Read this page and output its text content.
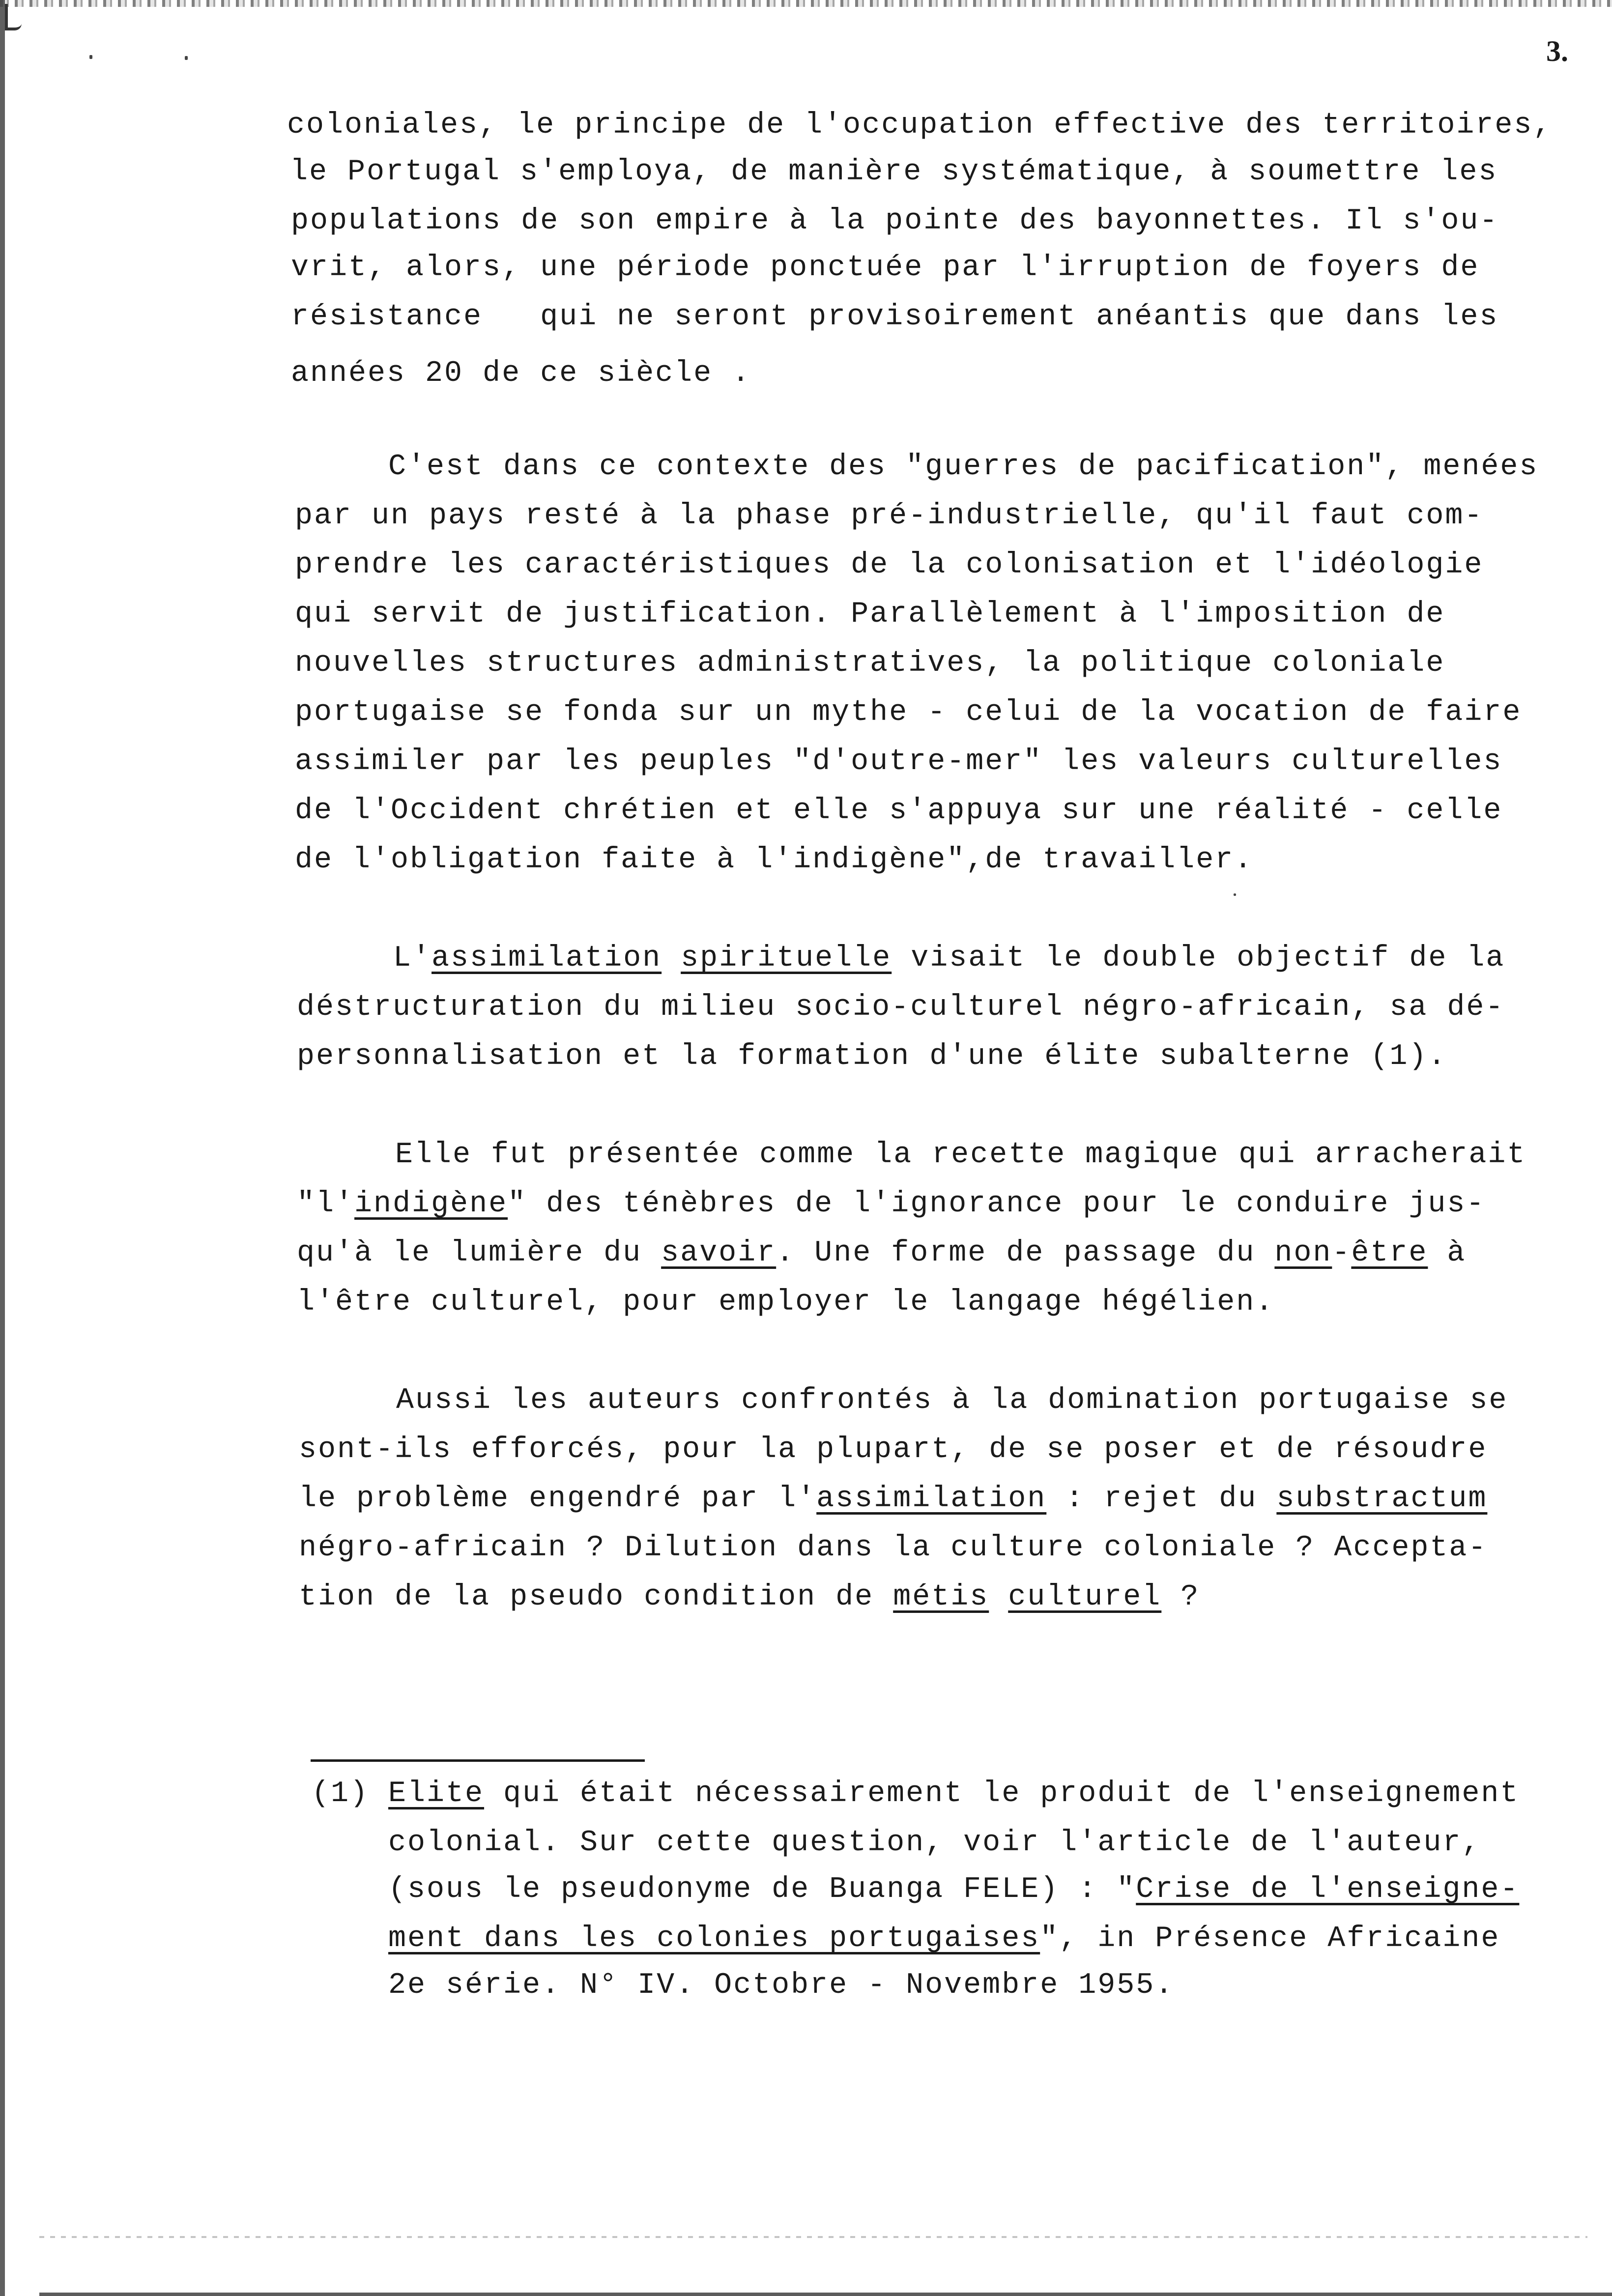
3.
coloniales, le principe de l'occupation effective des territoires,
le Portugal s'employa, de manière systématique, à soumettre les
populations de son empire à la pointe des bayonnettes. Il s'ou-
vrit, alors, une période ponctuée par l'irruption de foyers de
résistance   qui ne seront provisoirement anéantis que dans les
années 20 de ce siècle .
C'est dans ce contexte des "guerres de pacification", menées
par un pays resté à la phase pré-industrielle, qu'il faut com-
prendre les caractéristiques de la colonisation et l'idéologie
qui servit de justification. Parallèlement à l'imposition de
nouvelles structures administratives, la politique coloniale
portugaise se fonda sur un mythe - celui de la vocation de faire
assimiler par les peuples "d'outre-mer" les valeurs culturelles
de l'Occident chrétien et elle s'appuya sur une réalité - celle
de l'obligation faite à l'indigène",de travailler.
L'assimilation spirituelle visait le double objectif de la
déstructuration du milieu socio-culturel négro-africain, sa dé-
personnalisation et la formation d'une élite subalterne (1).
Elle fut présentée comme la recette magique qui arracherait
"l'indigène" des ténèbres de l'ignorance pour le conduire jus-
qu'à le lumière du savoir. Une forme de passage du non-être à
l'être culturel, pour employer le langage hégélien.
Aussi les auteurs confrontés à la domination portugaise se
sont-ils efforcés, pour la plupart, de se poser et de résoudre
le problème engendré par l'assimilation : rejet du substractum
négro-africain ? Dilution dans la culture coloniale ? Accepta-
tion de la pseudo condition de métis culturel ?
(1) Elite qui était nécessairement le produit de l'enseignement
colonial. Sur cette question, voir l'article de l'auteur,
(sous le pseudonyme de Buanga FELE) : "Crise de l'enseigne-
ment dans les colonies portugaises", in Présence Africaine
2e série. N° IV. Octobre - Novembre 1955.
